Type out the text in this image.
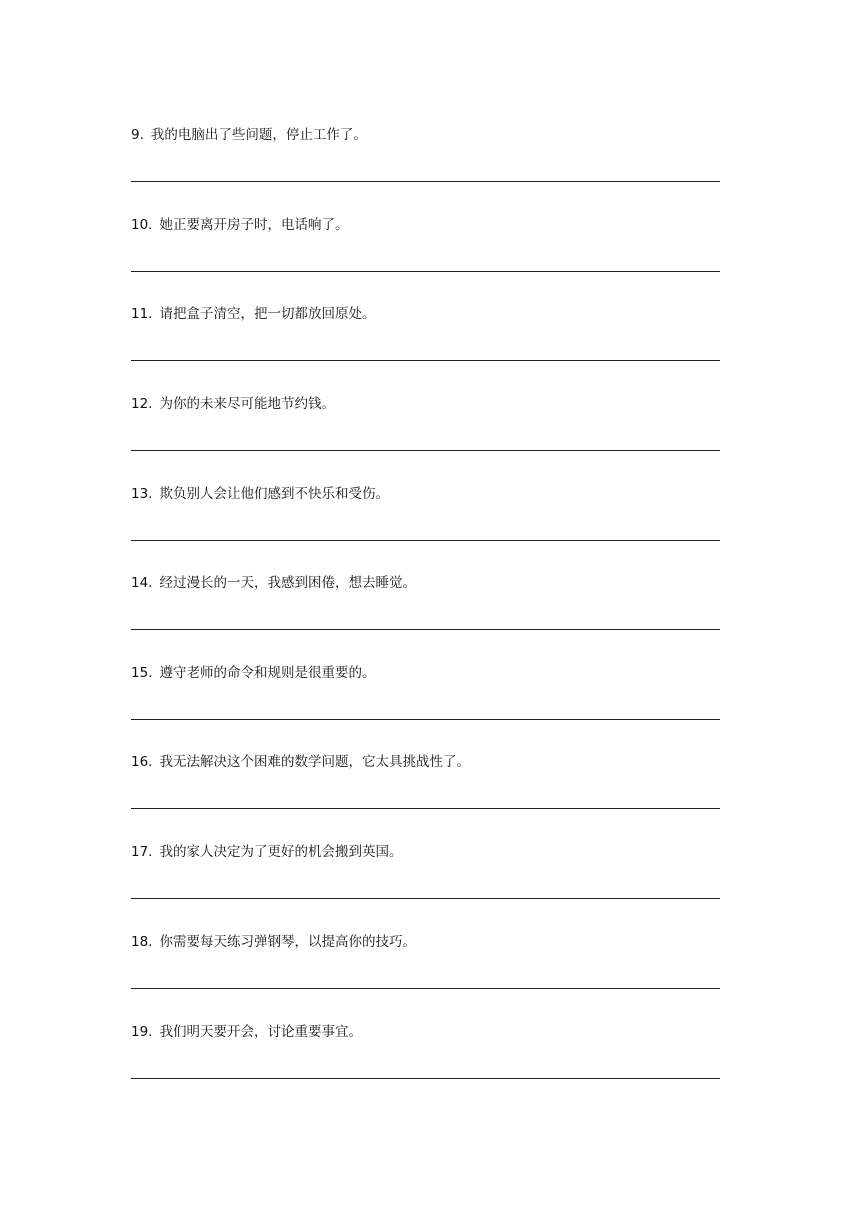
9. 我的电脑出了些问题，停止工作了。
10. 她正要离开房子时，电话响了。
11. 请把盒子清空，把一切都放回原处。
12. 为你的未来尽可能地节约钱。
13. 欺负别人会让他们感到不快乐和受伤。
14. 经过漫长的一天，我感到困倦，想去睡觉。
15. 遵守老师的命令和规则是很重要的。
16. 我无法解决这个困难的数学问题，它太具挑战性了。
17. 我的家人决定为了更好的机会搬到英国。
18. 你需要每天练习弹钢琴，以提高你的技巧。
19. 我们明天要开会，讨论重要事宜。
